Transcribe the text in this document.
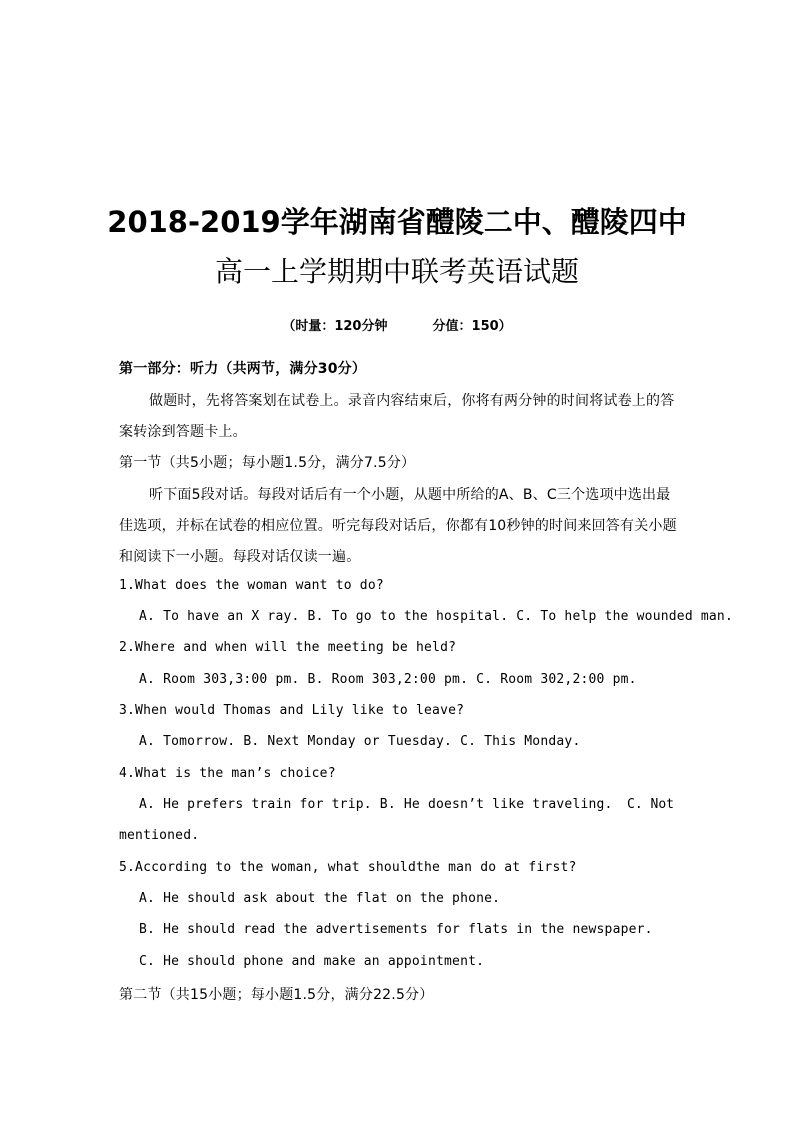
2018-2019学年湖南省醴陵二中、醴陵四中
高一上学期期中联考英语试题
（时量：120分钟	分值：150）
第一部分：听力（共两节，满分30分）
做题时，先将答案划在试卷上。录音内容结束后，你将有两分钟的时间将试卷上的答
案转涂到答题卡上。
第一节（共5小题；每小题1.5分，满分7.5分）
听下面5段对话。每段对话后有一个小题，从题中所给的A、B、C三个选项中选出最
佳选项，并标在试卷的相应位置。听完每段对话后，你都有10秒钟的时间来回答有关小题
和阅读下一小题。每段对话仅读一遍。
1.What does the woman want to do?
A. To have an X ray. B. To go to the hospital. C. To help the wounded man.
2.Where and when will the meeting be held?
A. Room 303,3:00 pm. B. Room 303,2:00 pm. C. Room 302,2:00 pm.
3.When would Thomas and Lily like to leave?
A. Tomorrow. B. Next Monday or Tuesday. C. This Monday.
4.What is the man’s choice?
A. He prefers train for trip. B. He doesn’t like traveling. C. Not
mentioned.
5.According to the woman, what shouldthe man do at first?
A. He should ask about the flat on the phone.
B. He should read the advertisements for flats in the newspaper.
C. He should phone and make an appointment.
第二节（共15小题；每小题1.5分，满分22.5分）
